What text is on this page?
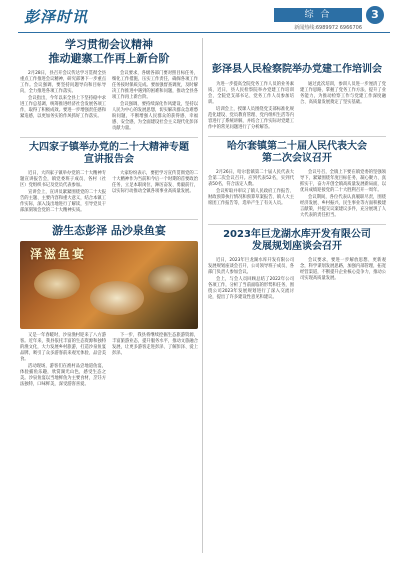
彭泽时讯	综 合	3
新闻热线:6989972 6966706
学习贯彻会议精神
推动避寨工作再上新台阶

2月28日，县召开会议传达学习贯彻全县重点工作推进会议精神，研究部署下一步重点工作。会议强调，要坚持问题导向和目标导向，全力推进各项工作落实。

会议指出，今年以来全县上下坚持稳中求进工作总基调，统筹推进经济社会发展各项工作，取得了积极成效。要进一步增强责任感和紧迫感，以更加务实的作风抓好工作落实。

会议要求，各级各部门要对照目标任务，细化工作措施，压实工作责任，确保各项工作任务按时保质完成。要加强督查调度，及时解决工作推进中遇到的困难和问题，推动全县各项工作再上新台阶。

会议强调，要持续深化作风建设，坚持以人民为中心的发展思想，切实解决群众急难愁盼问题，不断增强人民群众的获得感、幸福感、安全感，为全面建设社会主义现代化彭泽贡献力量。

大四家子镇举办党的二十大精神专题
宣讲报告会

近日，大四家子镇举办党的二十大精神专题宣讲报告会，镇党委班子成员、各村（社区）党组织书记及党员代表参加。

宣讲会上，宣讲员紧紧围绕党的二十大报告的主题、主要内容和重大意义，结合本镇工作实际，深入浅出地进行了解读，引导党员干部深刻领会党的二十大精神实质。

大家纷纷表示，要把学习宣传贯彻党的二十大精神作为当前和今后一个时期的首要政治任务，立足本职岗位，踔厉奋发、勇毅前行，以实际行动推动全镇各项事业高质量发展。

游生态彭泽 品沙泉鱼宴
泽滋鱼宴

又是一年春暖时，沙泉渔村迎来了八方游客。近年来，我县依托丰富的生态资源和独特的渔文化，大力发展乡村旅游，打造沙泉鱼宴品牌，吸引了众多游客前来观光体验、品尝美食。

活动现场，游客们在渔村品尝地道鱼宴，体验捕鱼乐趣，欣赏湖光山色，感受生态之美。沙泉鱼宴以当地鲜鱼为主要食材，烹饪方法独特，口味鲜美，深受游客喜爱。

下一步，我县将继续挖掘生态旅游资源，丰富旅游业态，提升服务水平，推动文旅融合发展，让更多游客走进彭泽、了解彭泽、爱上彭泽。

彭泽县人民检察院举办党建工作培训会

为进一步提高全院党务工作人员的业务素质，近日，县人民检察院举办党建工作培训会，全院党支部书记、党务工作人员参加培训。

培训会上，授课人员围绕党支部标准化规范化建设、党员教育管理、党内组织生活等内容进行了系统讲解，并结合工作实际对党建工作中的常见问题进行了分析解答。

通过此次培训，参训人员进一步厘清了党建工作思路，掌握了党务工作方法，提升了业务能力，为推动检察工作与党建工作深度融合、高质量发展奠定了坚实基础。

哈尔套镇第二十届人民代表大会
第二次会议召开

2月26日，哈尔套镇第二十届人民代表大会第二次会议召开。应到代表52名，实到代表50名，符合法定人数。

会议听取并审议了镇人民政府工作报告、财政预算执行情况和预算草案报告、镇人大主席团工作报告等，选举产生了有关人员。

会议号召，全镇上下要在镇党委的坚强领导下，紧紧围绕年度目标任务，凝心聚力、真抓实干，奋力开创全镇高质量发展新局面，以优异成绩迎接党的二十大胜利召开一周年。

会议期间，各位代表认真履职尽责，围绕经济发展、乡村振兴、民生事业等方面积极建言献策，共提交议案建议多件，充分展现了人大代表的责任担当。

2023年巨龙湖水库开发有限公司
发展规划座谈会召开

近日，2023年巨龙湖水库开发有限公司发展规划座谈会召开，公司领导班子成员、各部门负责人参加会议。

会上，与会人员回顾总结了2022年公司各项工作，分析了当前面临的形势和任务，围绕公司2023年发展规划进行了深入交流讨论，提出了许多建设性意见和建议。

会议要求，要进一步解放思想、更新观念，科学谋划发展思路，加强内部管理，拓宽经营渠道，不断提升企业核心竞争力，推动公司实现高质量发展。
